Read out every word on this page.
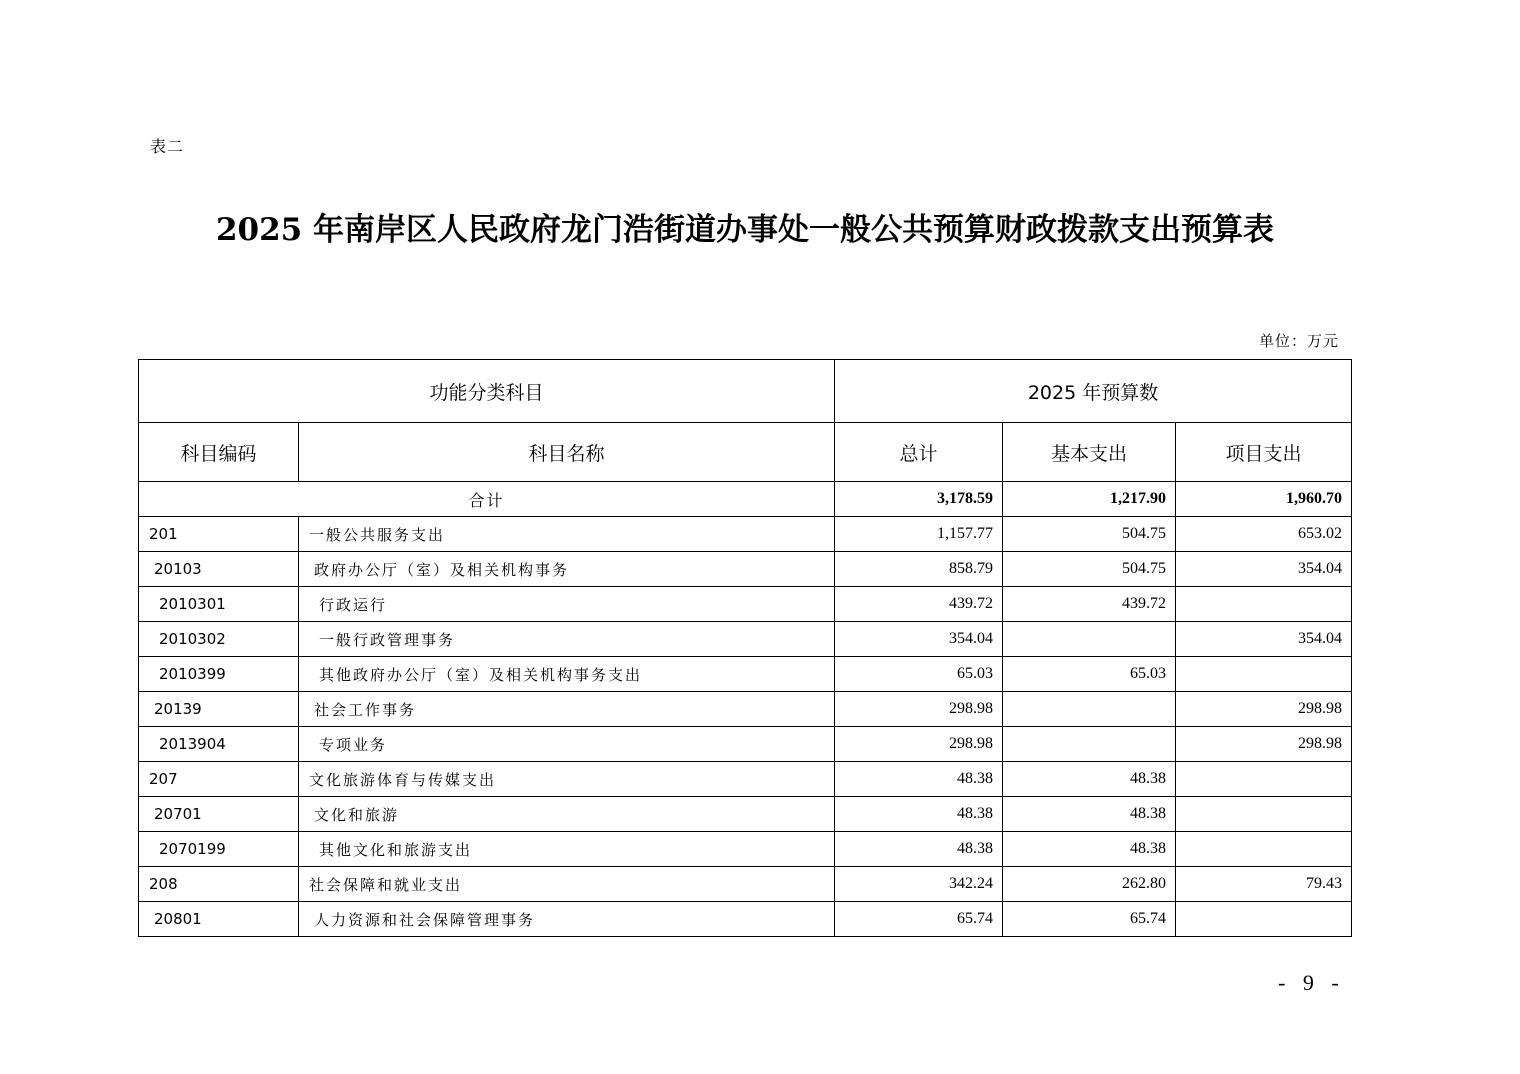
表二
2025 年南岸区人民政府龙门浩街道办事处一般公共预算财政拨款支出预算表
单位：万元
功能分类科目		2025 年预算数		
科目编码	科目名称	总计	基本支出	项目支出
合计		3,178.59	1,217.90	1,960.70
201	一般公共服务支出	1,157.77	504.75	653.02
20103	政府办公厅（室）及相关机构事务	858.79	504.75	354.04
2010301	行政运行	439.72	439.72	
2010302	一般行政管理事务	354.04		354.04
2010399	其他政府办公厅（室）及相关机构事务支出	65.03	65.03	
20139	社会工作事务	298.98		298.98
2013904	专项业务	298.98		298.98
207	文化旅游体育与传媒支出	48.38	48.38	
20701	文化和旅游	48.38	48.38	
2070199	其他文化和旅游支出	48.38	48.38	
208	社会保障和就业支出	342.24	262.80	79.43
20801	人力资源和社会保障管理事务	65.74	65.74	
- 9 -
